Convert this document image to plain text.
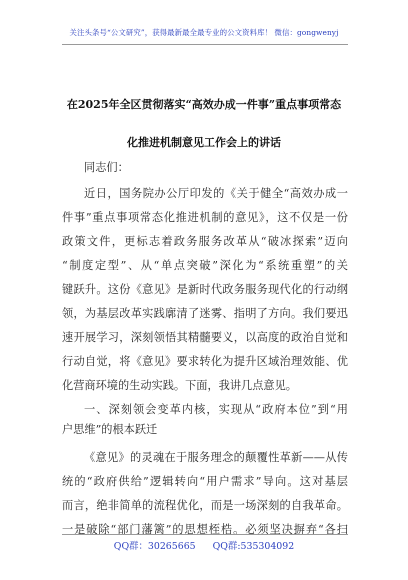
关注头条号“公文研究”，获得最新最全最专业的公文资料库！ 微信：gongwenyj
在2025年全区贯彻落实“高效办成一件事”重点事项常态
化推进机制意见工作会上的讲话
同志们：
近日，国务院办公厅印发的《关于健全“高效办成一
件事”重点事项常态化推进机制的意见》，这不仅是一份
政策文件，更标志着政务服务改革从“破冰探索”迈向
“制度定型”、从“单点突破”深化为“系统重塑”的关
键跃升。这份《意见》是新时代政务服务现代化的行动纲
领，为基层改革实践廓清了迷雾、指明了方向。我们要迅
速开展学习，深刻领悟其精髓要义，以高度的政治自觉和
行动自觉，将《意见》要求转化为提升区域治理效能、优
化营商环境的生动实践。下面，我讲几点意见。
一、深刻领会变革内核，实现从“政府本位”到“用
户思维”的根本跃迁
《意见》的灵魂在于服务理念的颠覆性革新——从传
统的“政府供给”逻辑转向“用户需求”导向。这对基层
而言，绝非简单的流程优化，而是一场深刻的自我革命。
一是破除“部门藩篱”的思想桎梏。必须坚决摒弃“各扫
QQ群：30265665 QQ群:535304092
